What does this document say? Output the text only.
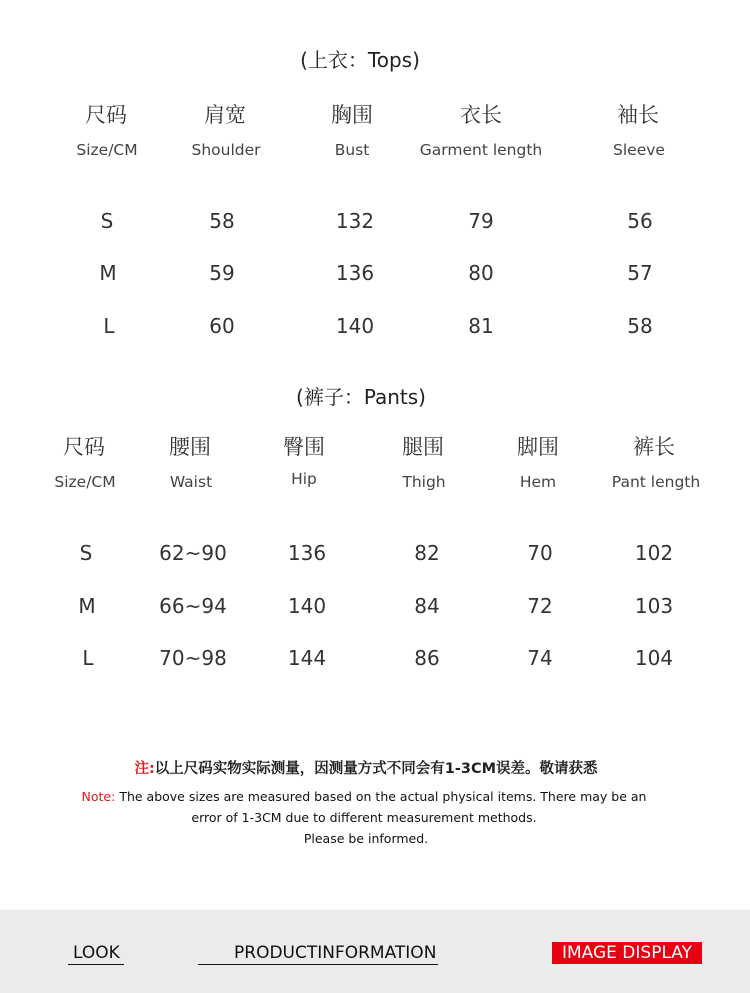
(上衣：Tops)
尺码	肩宽	胸围	衣长	袖长
Size/CM	Shoulder	Bust	Garment length	Sleeve
S	58	132	79	56
M	59	136	80	57
L	60	140	81	58
(裤子：Pants)
尺码	腰围	臀围	腿围	脚围	裤长
Size/CM	Waist	Hip	Thigh	Hem	Pant length
S	62~90	136	82	70	102
M	66~94	140	84	72	103
L	70~98	144	86	74	104
注:以上尺码实物实际测量，因测量方式不同会有1-3CM误差。敬请获悉
Note: The above sizes are measured based on the actual physical items. There may be an
error of 1-3CM due to different measurement methods.
Please be informed.
LOOK	PRODUCTINFORMATION	IMAGE DISPLAY
